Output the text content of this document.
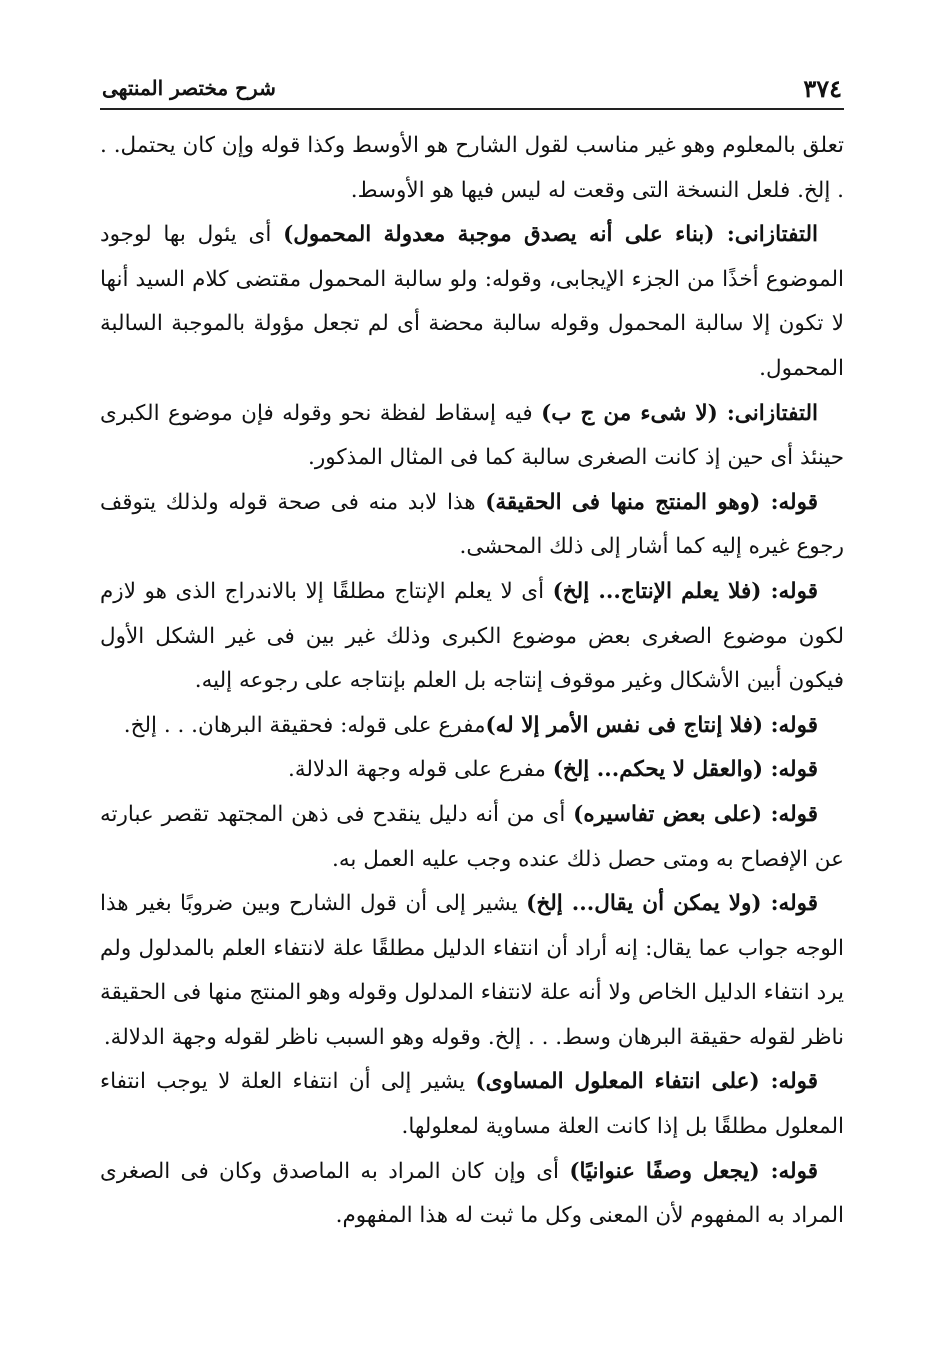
٣٧٤
شرح مختصر المنتهى

تعلق بالمعلوم وهو غير مناسب لقول الشارح هو الأوسط وكذا قوله وإن كان يحتمل. . . إلخ. فلعل النسخة التى وقعت له ليس فيها هو الأوسط.

التفتازانى: (بناء على أنه يصدق موجبة معدولة المحمول) أى يئول بها لوجود الموضوع أخذًا من الجزء الإيجابى، وقوله: ولو سالبة المحمول مقتضى كلام السيد أنها لا تكون إلا سالبة المحمول وقوله سالبة محضة أى لم تجعل مؤولة بالموجبة السالبة المحمول.

التفتازانى: (لا شىء من ج ب) فيه إسقاط لفظة نحو وقوله فإن موضوع الكبرى حينئذ أى حين إذ كانت الصغرى سالبة كما فى المثال المذكور.

قوله: (وهو المنتج منها فى الحقيقة) هذا لابد منه فى صحة قوله ولذلك يتوقف رجوع غيره إليه كما أشار إلى ذلك المحشى.

قوله: (فلا يعلم الإنتاج... إلخ) أى لا يعلم الإنتاج مطلقًا إلا بالاندراج الذى هو لازم لكون موضوع الصغرى بعض موضوع الكبرى وذلك غير بين فى غير الشكل الأول فيكون أبين الأشكال وغير موقوف إنتاجه بل العلم بإنتاجه على رجوعه إليه.

قوله: (فلا إنتاج فى نفس الأمر إلا له)مفرع على قوله: فحقيقة البرهان. . . إلخ.

قوله: (والعقل لا يحكم... إلخ) مفرع على قوله وجهة الدلالة.

قوله: (على بعض تفاسيره) أى من أنه دليل ينقدح فى ذهن المجتهد تقصر عبارته عن الإفصاح به ومتى حصل ذلك عنده وجب عليه العمل به.

قوله: (ولا يمكن أن يقال... إلخ) يشير إلى أن قول الشارح وبين ضروبًا بغير هذا الوجه جواب عما يقال: إنه أراد أن انتفاء الدليل مطلقًا علة لانتفاء العلم بالمدلول ولم يرد انتفاء الدليل الخاص ولا أنه علة لانتفاء المدلول وقوله وهو المنتج منها فى الحقيقة ناظر لقوله حقيقة البرهان وسط. . . إلخ. وقوله وهو السبب ناظر لقوله وجهة الدلالة.

قوله: (على انتفاء المعلول المساوى) يشير إلى أن انتفاء العلة لا يوجب انتفاء المعلول مطلقًا بل إذا كانت العلة مساوية لمعلولها.

قوله: (يجعل وصفًا عنوانيًا) أى وإن كان المراد به الماصدق وكان فى الصغرى المراد به المفهوم لأن المعنى وكل ما ثبت له هذا المفهوم.
